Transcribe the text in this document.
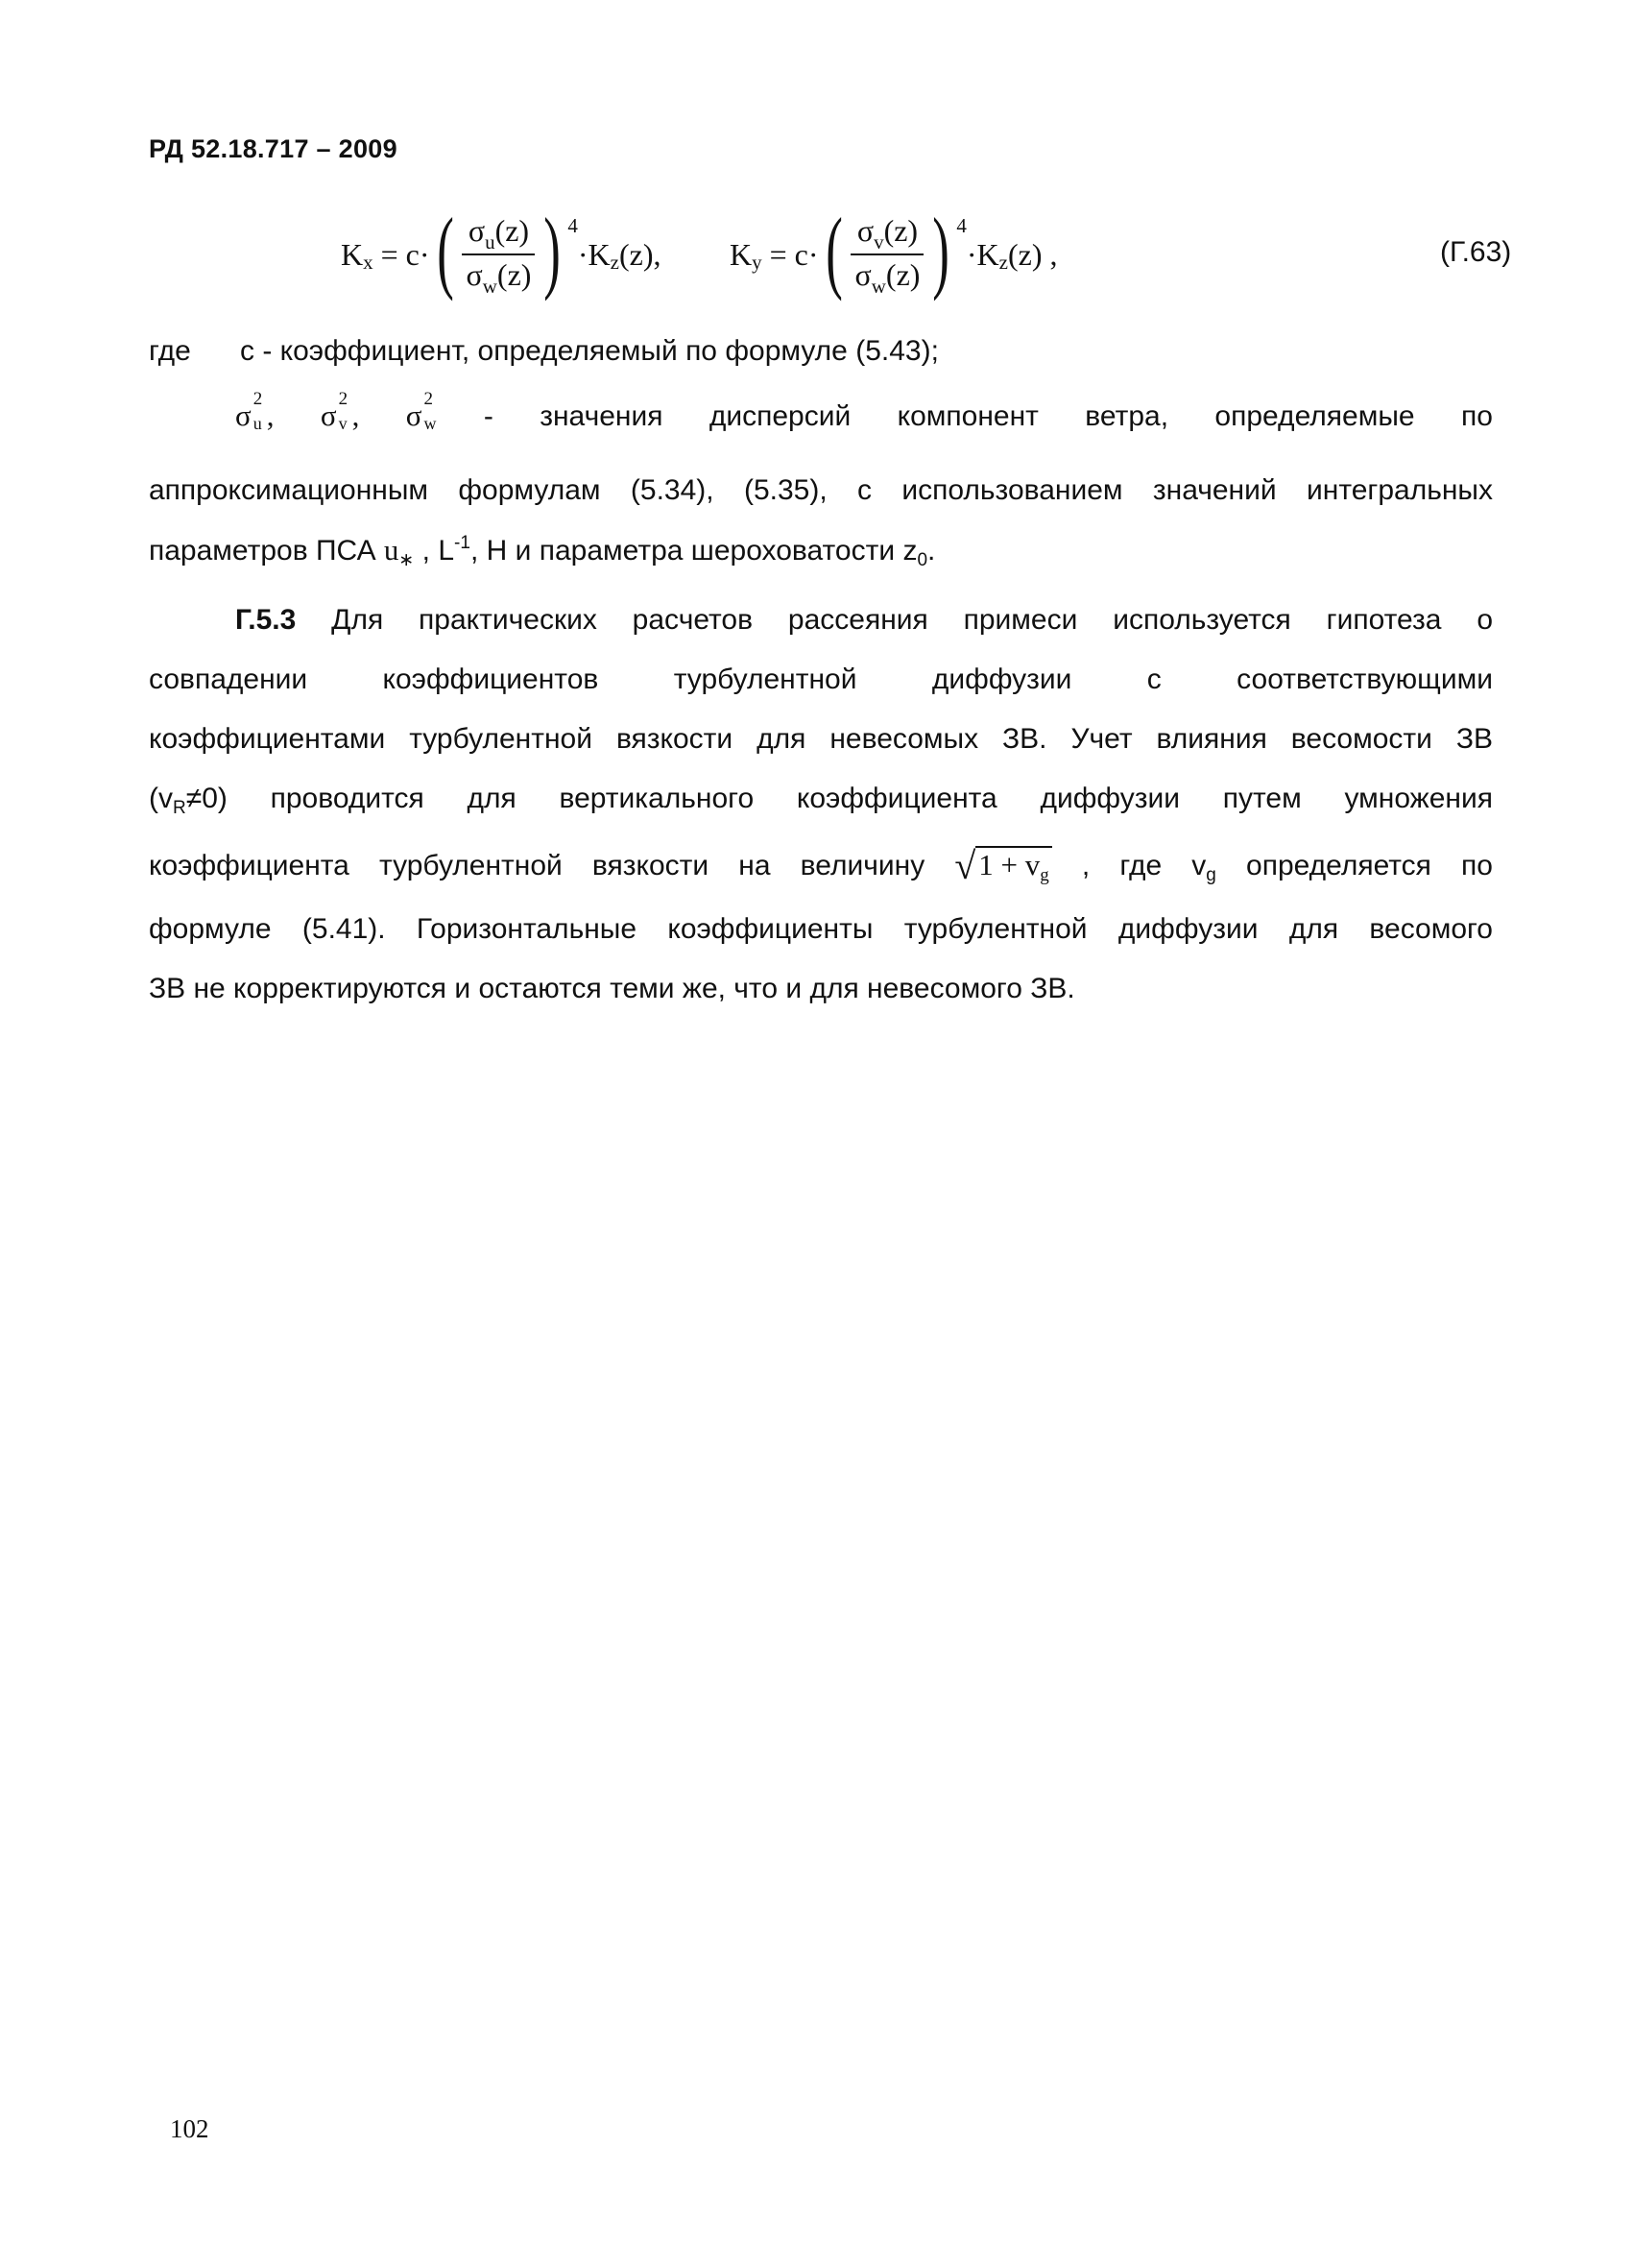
РД 52.18.717 – 2009
K x = c· ( $\frac{\sigma_u(z)}{\sigma_w(z)}$ ) 4
·K z (z), K y = c· ( $\frac{\sigma_v(z)}{\sigma_w(z)}$ ) 4
·K z (z) ,	(Г.63)
где с - коэффициент, определяемый по формуле (5.43);
σ 2
u , σ 2
v , σ 2
w - значения дисперсий компонент ветра, определяемые по
аппроксимационным формулам (5.34), (5.35), с использованием значений интегральных
параметров ПСА $u_∗$ , $L^{-1}$, H и параметра шероховатости $z_0$.
Г.5.3 Для практических расчетов рассеяния примеси используется гипотеза о
совпадении коэффициентов турбулентной диффузии с соответствующими
коэффициентами турбулентной вязкости для невесомых ЗВ. Учет влияния весомости ЗВ
$(v_R\ne 0)$ проводится для вертикального коэффициента диффузии путем умножения
коэффициента турбулентной вязкости на величину √1 + vg , где $v_g$ определяется по
формуле (5.41). Горизонтальные коэффициенты турбулентной диффузии для весомого
ЗВ не корректируются и остаются теми же, что и для невесомого ЗВ.
102
